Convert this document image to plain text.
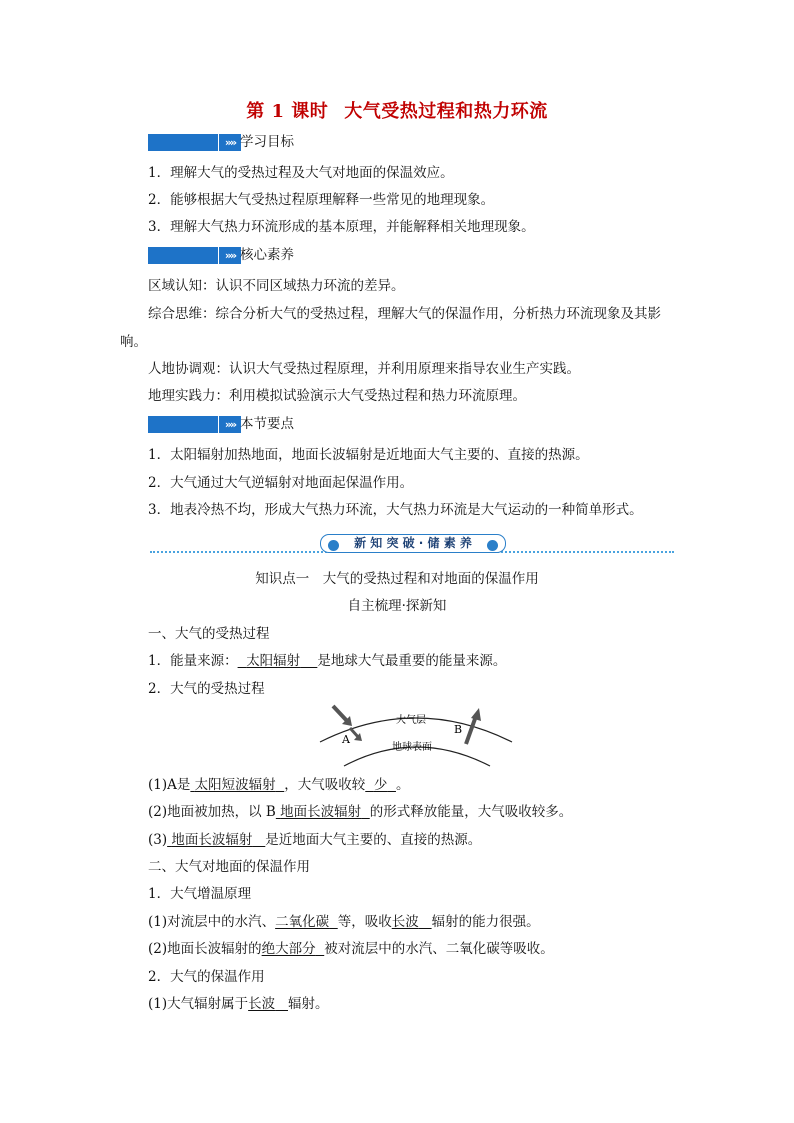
第 1 课时 大气受热过程和热力环流
»» 学习目标
1．理解大气的受热过程及大气对地面的保温效应。
2．能够根据大气受热过程原理解释一些常见的地理现象。
3．理解大气热力环流形成的基本原理，并能解释相关地理现象。
»» 核心素养
区域认知：认识不同区域热力环流的差异。
综合思维：综合分析大气的受热过程，理解大气的保温作用，分析热力环流现象及其影
响。
人地协调观：认识大气受热过程原理，并利用原理来指导农业生产实践。
地理实践力：利用模拟试验演示大气受热过程和热力环流原理。
»» 本节要点
1．太阳辐射加热地面，地面长波辐射是近地面大气主要的、直接的热源。
2．大气通过大气逆辐射对地面起保温作用。
3．地表冷热不均，形成大气热力环流，大气热力环流是大气运动的一种简单形式。
新 知 突 破 · 储 素 养
知识点一　大气的受热过程和对地面的保温作用
自主梳理·探新知
一、大气的受热过程
1．能量来源： 太阳辐射 是地球大气最重要的能量来源。
2．大气的受热过程
大气层
地球表面
A
B
(1)A是 太阳短波辐射 ，大气吸收较 少 。
(2)地面被加热，以 B 地面长波辐射 的形式释放能量，大气吸收较多。
(3) 地面长波辐射 是近地面大气主要的、直接的热源。
二、大气对地面的保温作用
1．大气增温原理
(1)对流层中的水汽、二氧化碳 等，吸收长波 辐射的能力很强。
(2)地面长波辐射的绝大部分 被对流层中的水汽、二氧化碳等吸收。
2．大气的保温作用
(1)大气辐射属于长波 辐射。
